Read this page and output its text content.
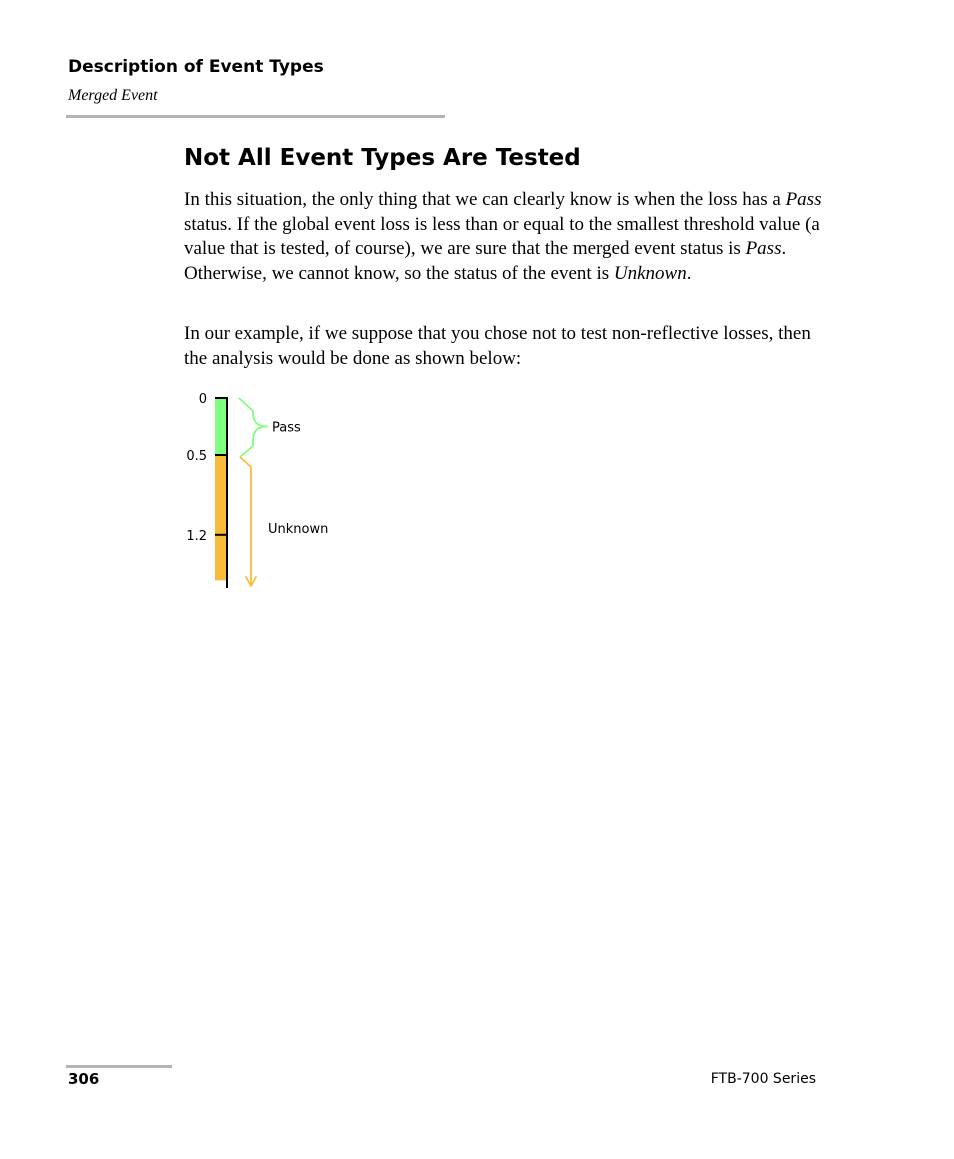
Description of Event Types
Merged Event
Not All Event Types Are Tested

In this situation, the only thing that we can clearly know is when the loss has a Pass status. If the global event loss is less than or equal to the smallest threshold value (a value that is tested, of course), we are sure that the merged event status is Pass. Otherwise, we cannot know, so the status of the event is Unknown.

In our example, if we suppose that you chose not to test non-reflective losses, then the analysis would be done as shown below:

0
0.5
1.2
Pass
Unknown
306	FTB-700 Series
